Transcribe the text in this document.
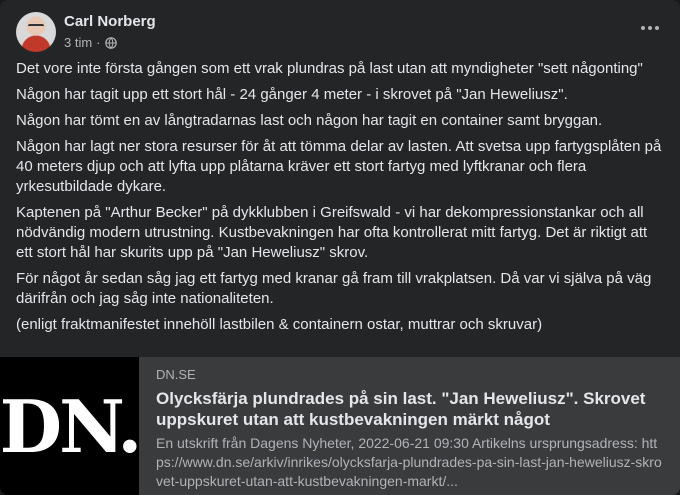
Carl Norberg
3 tim ·

Det vore inte första gången som ett vrak plundras på last utan att myndigheter "sett någonting"

Någon har tagit upp ett stort hål - 24 gånger 4 meter - i skrovet på "Jan Heweliusz".

Någon har tömt en av långtradarnas last och någon har tagit en container samt bryggan.

Någon har lagt ner stora resurser för åt att tömma delar av lasten. Att svetsa upp fartygsplåten på 40 meters djup och att lyfta upp plåtarna kräver ett stort fartyg med lyftkranar och flera yrkesutbildade dykare.

Kaptenen på "Arthur Becker" på dykklubben i Greifswald - vi har dekompressionstankar och all nödvändig modern utrustning. Kustbevakningen har ofta kontrollerat mitt fartyg. Det är riktigt att ett stort hål har skurits upp på "Jan Heweliusz" skrov.

För något år sedan såg jag ett fartyg med kranar gå fram till vrakplatsen. Då var vi själva på väg därifrån och jag såg inte nationaliteten.

(enligt fraktmanifestet innehöll lastbilen & containern ostar, muttrar och skruvar)

DN.
DN.SE
Olycksfärja plundrades på sin last. "Jan Heweliusz". Skrovet uppskuret utan att kustbevakningen märkt något
En utskrift från Dagens Nyheter, 2022-06-21 09:30 Artikelns ursprungsadress: https://www.dn.se/arkiv/inrikes/olycksfarja-plundrades-pa-sin-last-jan-heweliusz-skrovet-uppskuret-utan-att-kustbevakningen-markt/...
